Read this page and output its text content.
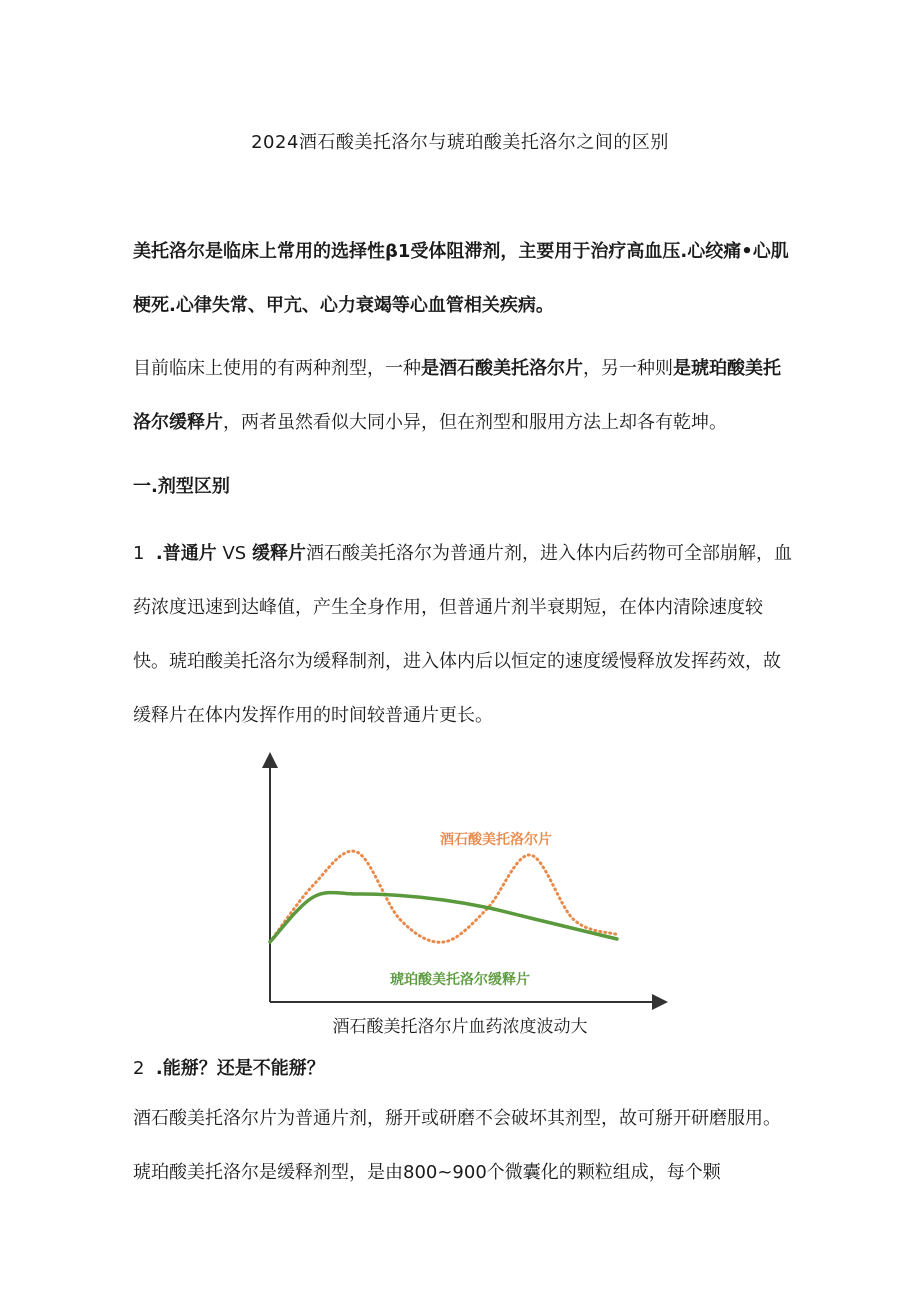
2024酒石酸美托洛尔与琥珀酸美托洛尔之间的区别

美托洛尔是临床上常用的选择性β1受体阻滞剂，主要用于治疗高血压.心绞痛•心肌梗死.心律失常、甲亢、心力衰竭等心血管相关疾病。

目前临床上使用的有两种剂型，一种是酒石酸美托洛尔片，另一种则是琥珀酸美托洛尔缓释片，两者虽然看似大同小异，但在剂型和服用方法上却各有乾坤。

一.剂型区别

1 .普通片 VS 缓释片酒石酸美托洛尔为普通片剂，进入体内后药物可全部崩解，血药浓度迅速到达峰值，产生全身作用，但普通片剂半衰期短，在体内清除速度较快。琥珀酸美托洛尔为缓释制剂，进入体内后以恒定的速度缓慢释放发挥药效，故缓释片在体内发挥作用的时间较普通片更长。

酒石酸美托洛尔片
琥珀酸美托洛尔缓释片
酒石酸美托洛尔片血药浓度波动大

2 .能掰？还是不能掰？

酒石酸美托洛尔片为普通片剂，掰开或研磨不会破坏其剂型，故可掰开研磨服用。琥珀酸美托洛尔是缓释剂型，是由800~900个微囊化的颗粒组成，每个颗
